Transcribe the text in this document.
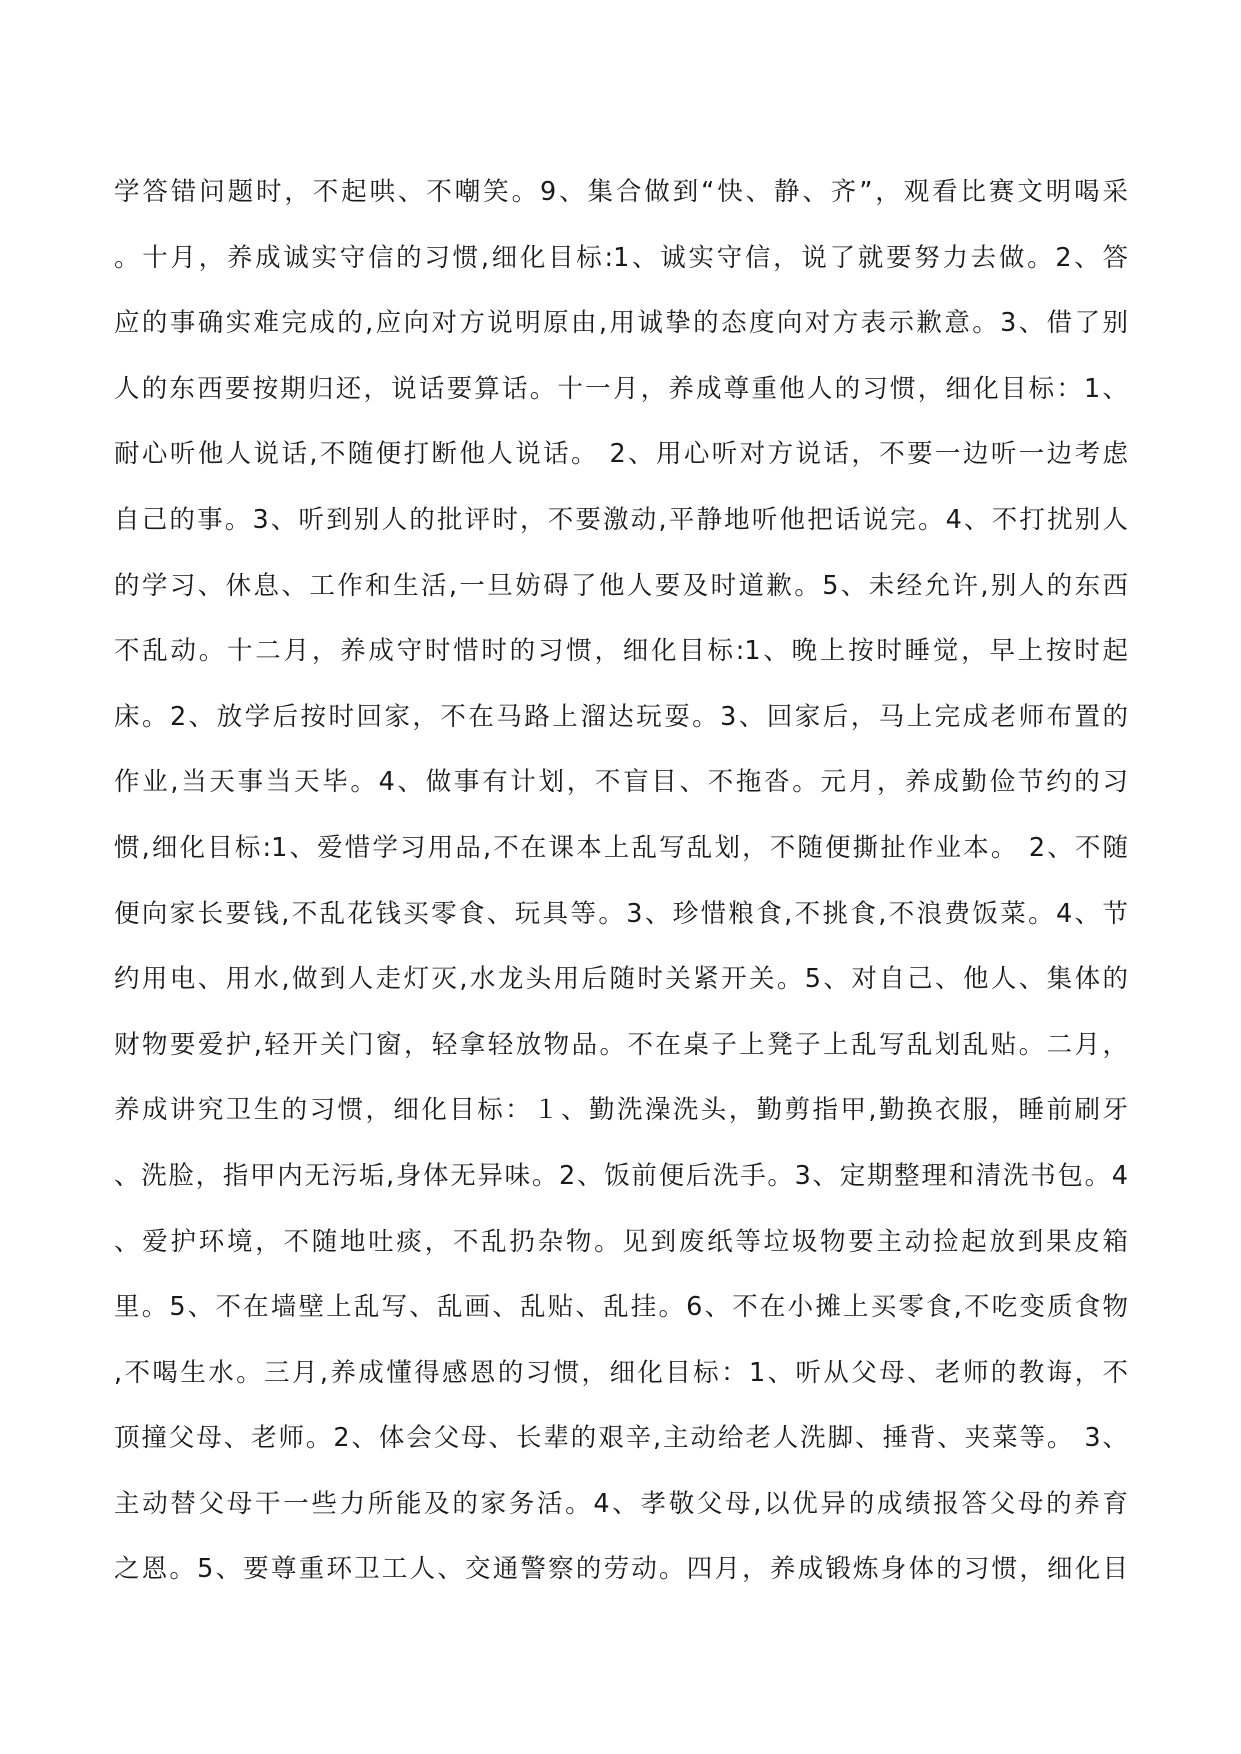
学答错问题时，不起哄、不嘲笑。9、集合做到“快、静、齐”，观看比赛文明喝采
。十月，养成诚实守信的习惯,细化目标:1、诚实守信，说了就要努力去做。2、答
应的事确实难完成的,应向对方说明原由,用诚挚的态度向对方表示歉意。3、借了别
人的东西要按期归还，说话要算话。十一月，养成尊重他人的习惯，细化目标：1、
耐心听他人说话,不随便打断他人说话。 2、用心听对方说话，不要一边听一边考虑
自己的事。3、听到别人的批评时，不要激动,平静地听他把话说完。4、不打扰别人
的学习、休息、工作和生活,一旦妨碍了他人要及时道歉。5、未经允许,别人的东西
不乱动。十二月，养成守时惜时的习惯，细化目标:1、晚上按时睡觉，早上按时起
床。2、放学后按时回家，不在马路上溜达玩耍。3、回家后，马上完成老师布置的
作业,当天事当天毕。4、做事有计划，不盲目、不拖沓。元月，养成勤俭节约的习
惯,细化目标:1、爱惜学习用品,不在课本上乱写乱划，不随便撕扯作业本。 2、不随
便向家长要钱,不乱花钱买零食、玩具等。3、珍惜粮食,不挑食,不浪费饭菜。4、节
约用电、用水,做到人走灯灭,水龙头用后随时关紧开关。5、对自己、他人、集体的
财物要爱护,轻开关门窗，轻拿轻放物品。不在桌子上凳子上乱写乱划乱贴。二月，
养成讲究卫生的习惯，细化目标：１、勤洗澡洗头，勤剪指甲,勤换衣服，睡前刷牙
、洗脸，指甲内无污垢,身体无异味。2、饭前便后洗手。3、定期整理和清洗书包。4
、爱护环境，不随地吐痰，不乱扔杂物。见到废纸等垃圾物要主动捡起放到果皮箱
里。5、不在墙壁上乱写、乱画、乱贴、乱挂。6、不在小摊上买零食,不吃变质食物
,不喝生水。三月,养成懂得感恩的习惯，细化目标：1、听从父母、老师的教诲，不
顶撞父母、老师。2、体会父母、长辈的艰辛,主动给老人洗脚、捶背、夹菜等。 3、
主动替父母干一些力所能及的家务活。4、孝敬父母,以优异的成绩报答父母的养育
之恩。5、要尊重环卫工人、交通警察的劳动。四月，养成锻炼身体的习惯，细化目
